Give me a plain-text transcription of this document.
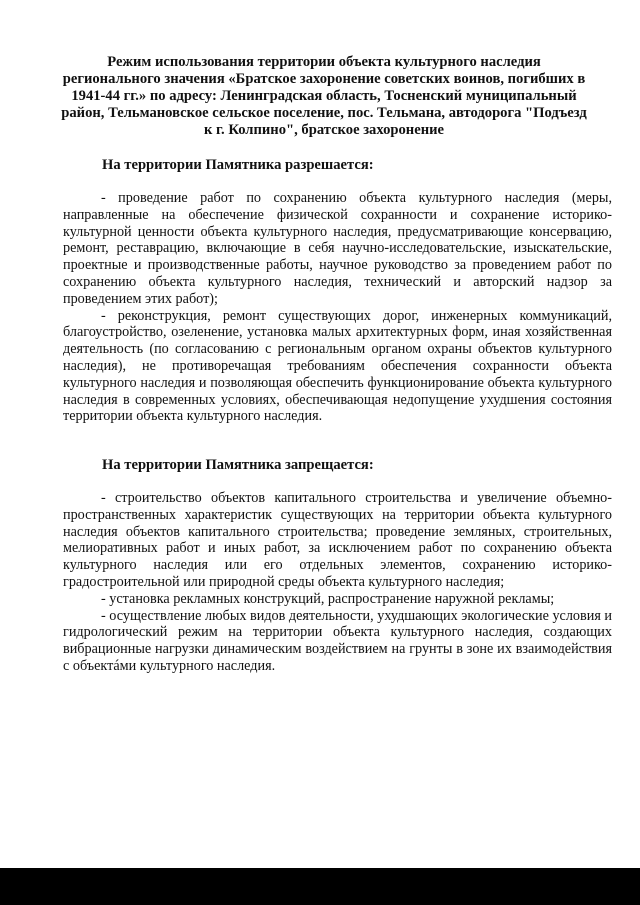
Режим использования территории объекта культурного наследия регионального значения «Братское захоронение советских воинов, погибших в 1941-44 гг.» по адресу: Ленинградская область, Тосненский муниципальный район, Тельмановское сельское поселение, пос. Тельмана, автодорога "Подъезд к г. Колпино", братское захоронение
На территории Памятника разрешается:

- проведение работ по сохранению объекта культурного наследия (меры, направленные на обеспечение физической сохранности и сохранение историко-культурной ценности объекта культурного наследия, предусматривающие консервацию, ремонт, реставрацию, включающие в себя научно-исследовательские, изыскательские, проектные и производственные работы, научное руководство за проведением работ по сохранению объекта культурного наследия, технический и авторский надзор за проведением этих работ);

- реконструкция, ремонт существующих дорог, инженерных коммуникаций, благоустройство, озеленение, установка малых архитектурных форм, иная хозяйственная деятельность (по согласованию с региональным органом охраны объектов культурного наследия), не противоречащая требованиям обеспечения сохранности объекта культурного наследия и позволяющая обеспечить функционирование объекта культурного наследия в современных условиях, обеспечивающая недопущение ухудшения состояния территории объекта культурного наследия.

На территории Памятника запрещается:

- строительство объектов капитального строительства и увеличение объемно-пространственных характеристик существующих на территории объекта культурного наследия объектов капитального строительства; проведение земляных, строительных, мелиоративных работ и иных работ, за исключением работ по сохранению объекта культурного наследия или его отдельных элементов, сохранению историко-градостроительной или природной среды объекта культурного наследия;

- установка рекламных конструкций, распространение наружной рекламы;

- осуществление любых видов деятельности, ухудшающих экологические условия и гидрологический режим на территории объекта культурного наследия, создающих вибрационные нагрузки динамическим воздействием на грунты в зоне их взаимодействия с объектáми культурного наследия.
